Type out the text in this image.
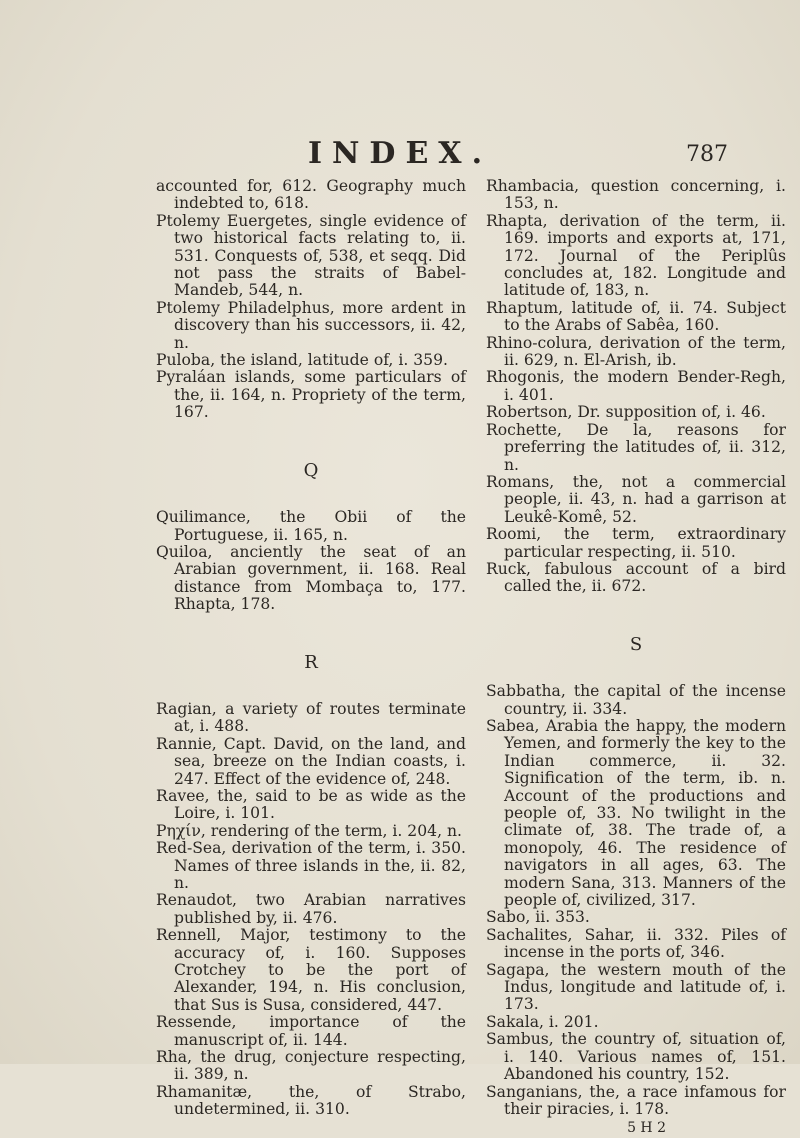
INDEX.	787

accounted for, 612. Geography much indebted to, 618.

Ptolemy Euergetes, single evidence of two historical facts relating to, ii. 531. Conquests of, 538, et seqq. Did not pass the straits of Babel-Mandeb, 544, n.

Ptolemy Philadelphus, more ardent in discovery than his successors, ii. 42, n.

Puloba, the island, latitude of, i. 359.

Pyraláan islands, some particulars of the, ii. 164, n. Propriety of the term, 167.

Q

Quilimance, the Obii of the Portuguese, ii. 165, n.

Quiloa, anciently the seat of an Arabian government, ii. 168. Real distance from Mombaça to, 177. Rhapta, 178.

R

Ragian, a variety of routes terminate at, i. 488.

Rannie, Capt. David, on the land, and sea, breeze on the Indian coasts, i. 247. Effect of the evidence of, 248.

Ravee, the, said to be as wide as the Loire, i. 101.

Ρηχίν, rendering of the term, i. 204, n.

Red-Sea, derivation of the term, i. 350. Names of three islands in the, ii. 82, n.

Renaudot, two Arabian narratives published by, ii. 476.

Rennell, Major, testimony to the accuracy of, i. 160. Supposes Crotchey to be the port of Alexander, 194, n. His conclusion, that Sus is Susa, considered, 447.

Ressende, importance of the manuscript of, ii. 144.

Rha, the drug, conjecture respecting, ii. 389, n.

Rhamanitæ, the, of Strabo, undetermined, ii. 310.

Rhambacia, question concerning, i. 153, n.

Rhapta, derivation of the term, ii. 169. imports and exports at, 171, 172. Journal of the Periplûs concludes at, 182. Longitude and latitude of, 183, n.

Rhaptum, latitude of, ii. 74. Subject to the Arabs of Sabêa, 160.

Rhino-colura, derivation of the term, ii. 629, n. El-Arish, ib.

Rhogonis, the modern Bender-Regh, i. 401.

Robertson, Dr. supposition of, i. 46.

Rochette, De la, reasons for preferring the latitudes of, ii. 312, n.

Romans, the, not a commercial people, ii. 43, n. had a garrison at Leukê-Komê, 52.

Roomi, the term, extraordinary particular respecting, ii. 510.

Ruck, fabulous account of a bird called the, ii. 672.

S

Sabbatha, the capital of the incense country, ii. 334.

Sabea, Arabia the happy, the modern Yemen, and formerly the key to the Indian commerce, ii. 32. Signification of the term, ib. n. Account of the productions and people of, 33. No twilight in the climate of, 38. The trade of, a monopoly, 46. The residence of navigators in all ages, 63. The modern Sana, 313. Manners of the people of, civilized, 317.

Sabo, ii. 353.

Sachalites, Sahar, ii. 332. Piles of incense in the ports of, 346.

Sagapa, the western mouth of the Indus, longitude and latitude of, i. 173.

Sakala, i. 201.

Sambus, the country of, situation of, i. 140. Various names of, 151. Abandoned his country, 152.

Sanganians, the, a race infamous for their piracies, i. 178.

5 H 2
